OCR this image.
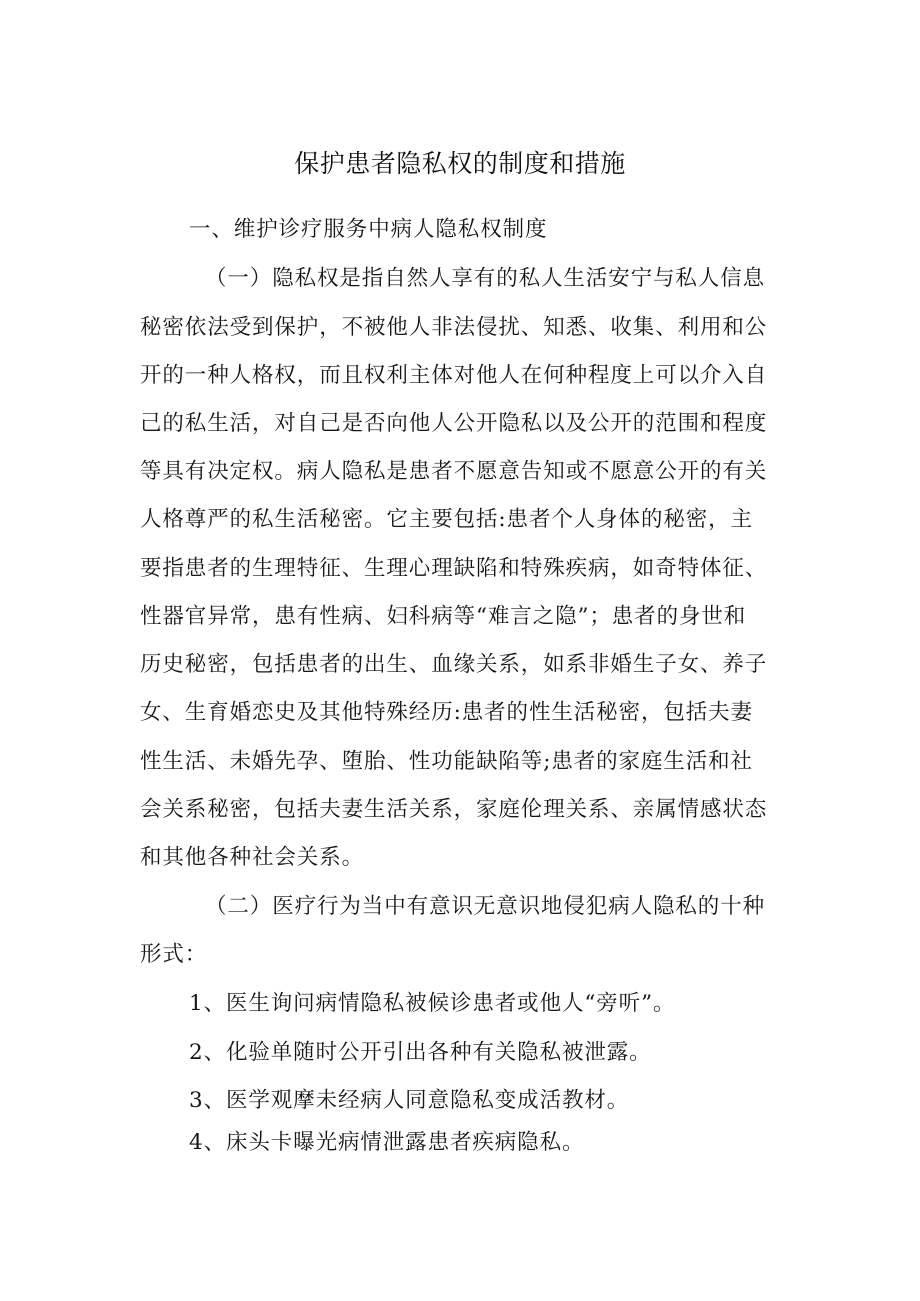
保护患者隐私权的制度和措施
一、维护诊疗服务中病人隐私权制度
（一）隐私权是指自然人享有的私人生活安宁与私人信息
秘密依法受到保护，不被他人非法侵扰、知悉、收集、利用和公
开的一种人格权，而且权利主体对他人在何种程度上可以介入自
己的私生活，对自己是否向他人公开隐私以及公开的范围和程度
等具有决定权。病人隐私是患者不愿意告知或不愿意公开的有关
人格尊严的私生活秘密。它主要包括:患者个人身体的秘密，主
要指患者的生理特征、生理心理缺陷和特殊疾病，如奇特体征、
性器官异常，患有性病、妇科病等“难言之隐”；患者的身世和
历史秘密，包括患者的出生、血缘关系，如系非婚生子女、养子
女、生育婚恋史及其他特殊经历:患者的性生活秘密，包括夫妻
性生活、未婚先孕、堕胎、性功能缺陷等;患者的家庭生活和社
会关系秘密，包括夫妻生活关系，家庭伦理关系、亲属情感状态
和其他各种社会关系。
（二）医疗行为当中有意识无意识地侵犯病人隐私的十种
形式：
1、医生询问病情隐私被候诊患者或他人“旁听”。
2、化验单随时公开引出各种有关隐私被泄露。
3、医学观摩未经病人同意隐私变成活教材。
4、床头卡曝光病情泄露患者疾病隐私。
